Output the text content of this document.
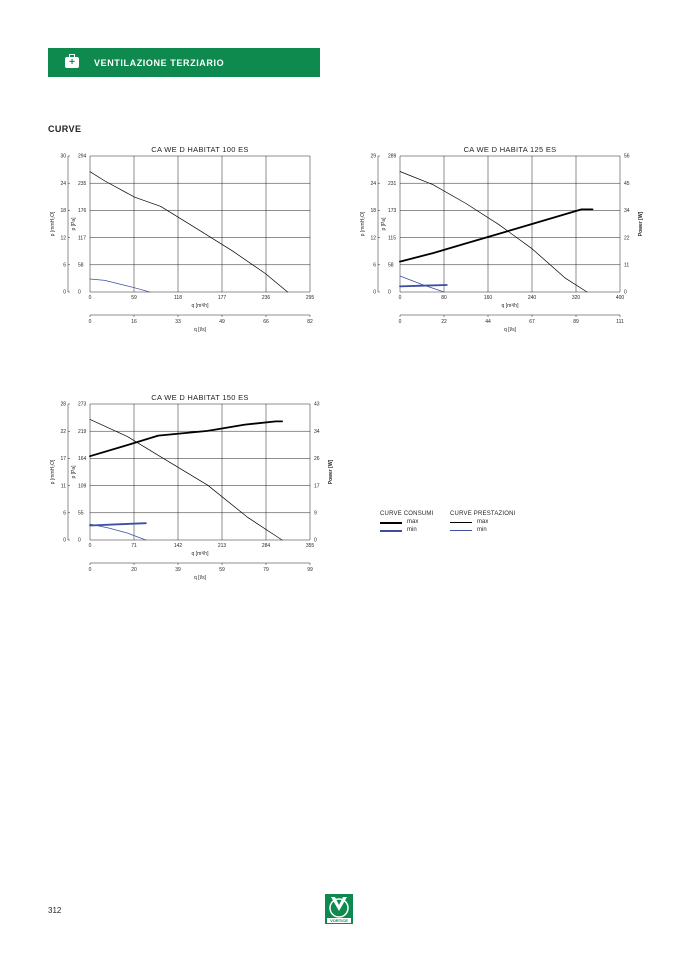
+	VENTILAZIONE TERZIARIO
CURVE
CA WE D HABITAT 100 ES
0
6
12
18
24
30
0
58
117
176
235
294
p [mmH₂O]	p [Pa]
0	59	118	177	236	295
q [m³/h]
0	16	33	49	66	82
q [l/s]
CA WE D HABITA 125 ES
0
6
12
18
24
29
0
58
115
173
231
289
p [mmH₂O]	p [Pa]
0
11
22
34
45
56
Power [W]
0	80	160	240	320	400
q [m³/h]
0	22	44	67	89	111
q [l/s]
CA WE D HABITAT 150 ES
0
6
11
17
22
28
0
55
109
164
219
273
p [mmH₂O]	p [Pa]
0
9
17
26
34
43
Power [W]
0	71	142	213	284	355
q [m³/h]
0	20	39	59	79	99
q [l/s]
CURVE CONSUMI
max
min
CURVE PRESTAZIONI
max
min
VORTICE
312
